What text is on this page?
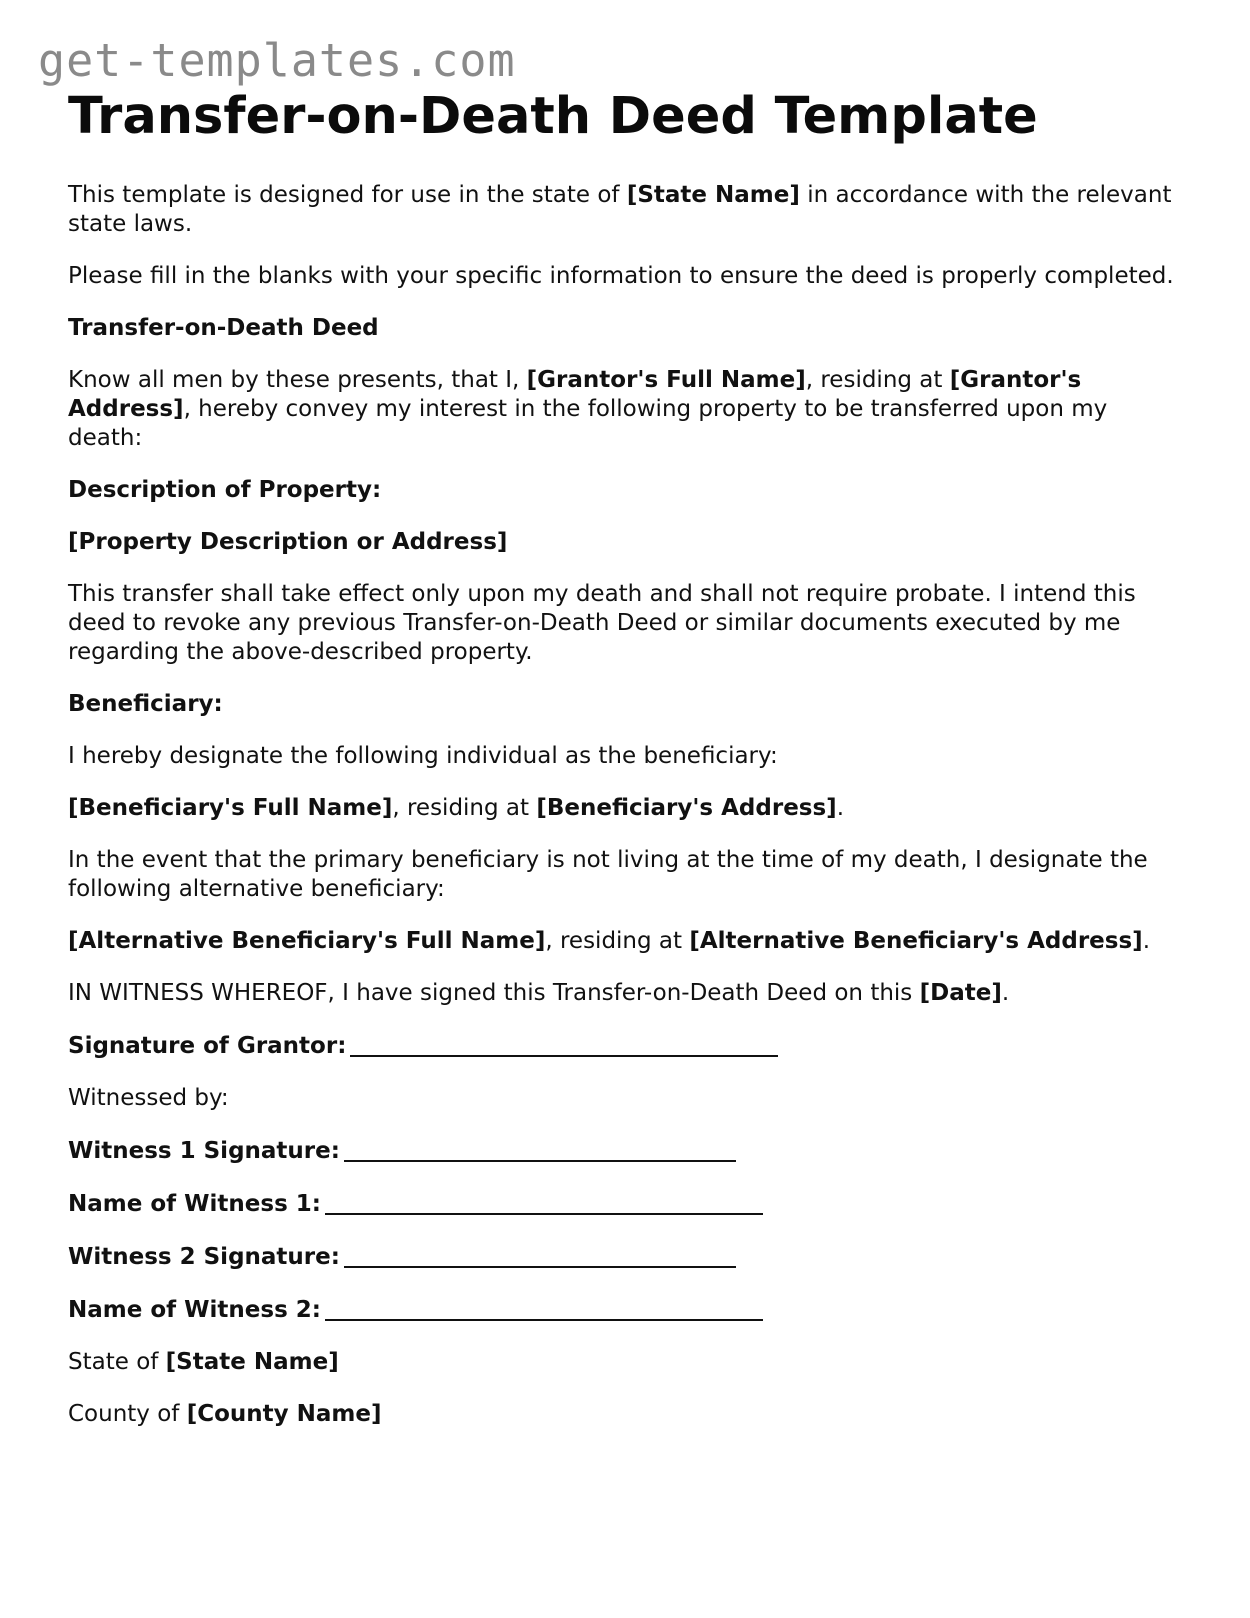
get-templates.com
Transfer-on-Death Deed Template

This template is designed for use in the state of [State Name] in accordance with the relevant state laws.

Please fill in the blanks with your specific information to ensure the deed is properly completed.

Transfer-on-Death Deed

Know all men by these presents, that I, [Grantor's Full Name], residing at [Grantor's Address], hereby convey my interest in the following property to be transferred upon my death:

Description of Property:

[Property Description or Address]

This transfer shall take effect only upon my death and shall not require probate. I intend this deed to revoke any previous Transfer-on-Death Deed or similar documents executed by me regarding the above-described property.

Beneficiary:

I hereby designate the following individual as the beneficiary:

[Beneficiary's Full Name], residing at [Beneficiary's Address].

In the event that the primary beneficiary is not living at the time of my death, I designate the following alternative beneficiary:

[Alternative Beneficiary's Full Name], residing at [Alternative Beneficiary's Address].

IN WITNESS WHEREOF, I have signed this Transfer-on-Death Deed on this [Date].

Signature of Grantor:

Witnessed by:

Witness 1 Signature:

Name of Witness 1:

Witness 2 Signature:

Name of Witness 2:

State of [State Name]

County of [County Name]
